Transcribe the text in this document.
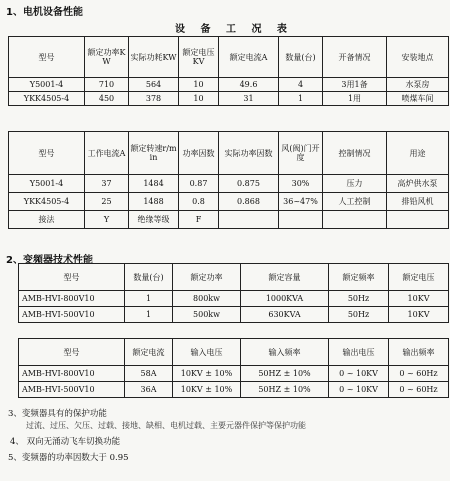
1、电机设备性能
设 备 工 况 表
型号	额定功率KW	实际功耗KW	额定电压KV	额定电流A	数量(台)	开备情况	安装地点
Y5001-4	710	564	10	49.6	4	3用1备	水泵房
YKK4505-4	450	378	10	31	1	1用	喷煤车间
型号	工作电流A	额定转速r/min	功率因数	实际功率因数	风(阀)门开度	控制情况	用途
Y5001-4	37	1484	0.87	0.875	30%	压力	高炉供水泵
YKK4505-4	25	1488	0.8	0.868	36~47%	人工控制	排铅风机
接法	Y	绝缘等级	F				
2、变频器技术性能
型号	数量(台)	额定功率	额定容量	额定频率	额定电压
AMB-HVI-800V10	1	800kw	1000KVA	50Hz	10KV
AMB-HVI-500V10	1	500kw	630KVA	50Hz	10KV
型号	额定电流	输入电压	输入频率	输出电压	输出频率
AMB-HVI-800V10	58A	10KV ± 10%	50HZ ± 10%	0 ~ 10KV	0 ~ 60Hz
AMB-HVI-500V10	36A	10KV ± 10%	50HZ ± 10%	0 ~ 10KV	0 ~ 60Hz
3、变频器具有的保护功能
过流、过压、欠压、过载、接地、缺相、电机过载、主要元器件保护等保护功能
4、 双向无涌动飞车切换功能
5、变频器的功率因数大于 0.95
